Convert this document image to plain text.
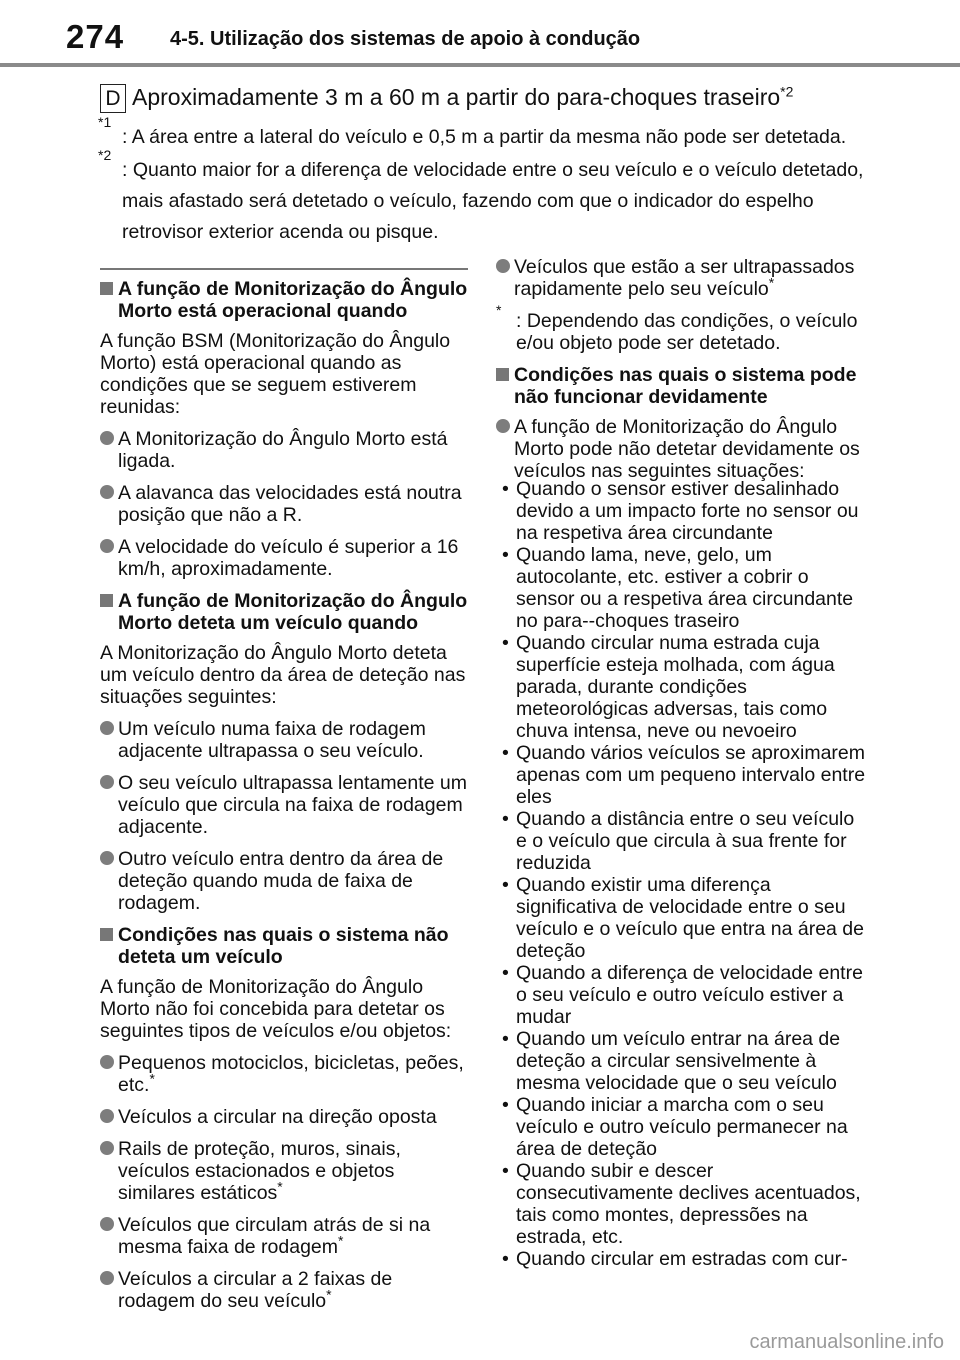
274 4-5. Utilização dos sistemas de apoio à condução
D Aproximadamente 3 m a 60 m a partir do para-choques traseiro$^{*2}$
*1
: A área entre a lateral do veículo e 0,5 m a partir da mesma não pode ser detetada.
*2
: Quanto maior for a diferença de velocidade entre o seu veículo e o veículo detetado, mais afastado será detetado o veículo, fazendo com que o indicador do espelho retrovisor exterior acenda ou pisque.
A função de Monitorização do Ângulo Morto está operacional quando
A função BSM (Monitorização do Ângulo Morto) está operacional quando as condições que se seguem estiverem reunidas:
A Monitorização do Ângulo Morto está ligada.
A alavanca das velocidades está noutra posição que não a R.
A velocidade do veículo é superior a 16 km/h, aproximadamente.
A função de Monitorização do Ângulo Morto deteta um veículo quando
A Monitorização do Ângulo Morto deteta um veículo dentro da área de deteção nas situações seguintes:
Um veículo numa faixa de rodagem adjacente ultrapassa o seu veículo.
O seu veículo ultrapassa lentamente um veículo que circula na faixa de rodagem adjacente.
Outro veículo entra dentro da área de deteção quando muda de faixa de rodagem.
Condições nas quais o sistema não deteta um veículo
A função de Monitorização do Ângulo Morto não foi concebida para detetar os seguintes tipos de veículos e/ou objetos:
Pequenos motociclos, bicicletas, peões, etc.*
Veículos a circular na direção oposta
Rails de proteção, muros, sinais, veículos estacionados e objetos similares estáticos*
Veículos que circulam atrás de si na mesma faixa de rodagem*
Veículos a circular a 2 faixas de rodagem do seu veículo*
Veículos que estão a ser ultrapassados rapidamente pelo seu veículo*
* : Dependendo das condições, o veículo e/ou objeto pode ser detetado.
Condições nas quais o sistema pode não funcionar devidamente
A função de Monitorização do Ângulo Morto pode não detetar devidamente os veículos nas seguintes situações:
• Quando o sensor estiver desalinhado devido a um impacto forte no sensor ou na respetiva área circundante
• Quando lama, neve, gelo, um autocolante, etc. estiver a cobrir o sensor ou a respetiva área circundante no para--choques traseiro
• Quando circular numa estrada cuja superfície esteja molhada, com água parada, durante condições meteorológicas adversas, tais como chuva intensa, neve ou nevoeiro
• Quando vários veículos se aproximarem apenas com um pequeno intervalo entre eles
• Quando a distância entre o seu veículo e o veículo que circula à sua frente for reduzida
• Quando existir uma diferença significativa de velocidade entre o seu veículo e o veículo que entra na área de deteção
• Quando a diferença de velocidade entre o seu veículo e outro veículo estiver a mudar
• Quando um veículo entrar na área de deteção a circular sensivelmente à mesma velocidade que o seu veículo
• Quando iniciar a marcha com o seu veículo e outro veículo permanecer na área de deteção
• Quando subir e descer consecutivamente declives acentuados, tais como montes, depressões na estrada, etc.
• Quando circular em estradas com cur-
carmanualsonline.info
